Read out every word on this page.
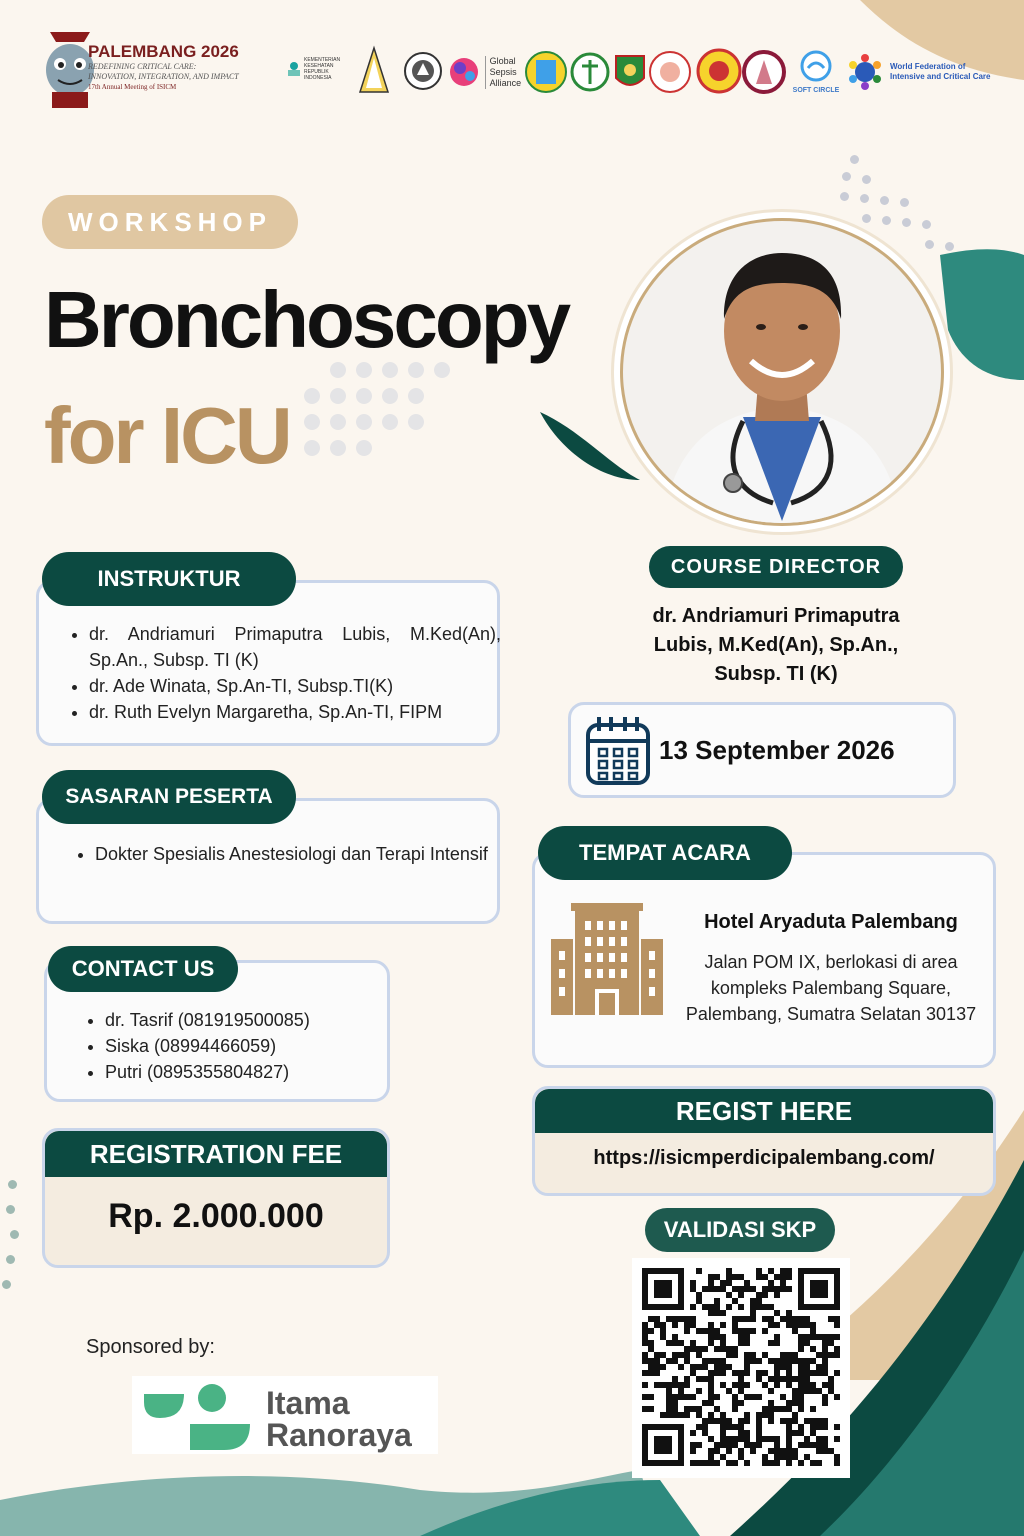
PALEMBANG 2026
REDEFINING CRITICAL CARE:
INNOVATION, INTEGRATION, AND IMPACT
17th Annual Meeting of ISICM
KEMENTERIAN KESEHATAN REPUBLIK INDONESIA
Global Sepsis Alliance
SOFT CIRCLE
World Federation of Intensive and Critical Care
WORKSHOP
Bronchoscopy
for ICU
• dr. Andriamuri Primaputra Lubis, M.Ked(An), Sp.An., Subsp. TI (K)
• dr. Ade Winata, Sp.An-TI, Subsp.TI(K)
• dr. Ruth Evelyn Margaretha, Sp.An-TI, FIPM
INSTRUKTUR
• Dokter Spesialis Anestesiologi dan Terapi Intensif
SASARAN PESERTA
• dr. Tasrif (081919500085)
• Siska (08994466059)
• Putri (0895355804827)
CONTACT US
REGISTRATION FEE
Rp. 2.000.000
Sponsored by:
Itama
Ranoraya
COURSE DIRECTOR
dr. Andriamuri Primaputra
Lubis, M.Ked(An), Sp.An.,
Subsp. TI (K)
13 September 2026
Hotel Aryaduta Palembang
Jalan POM IX, berlokasi di area kompleks Palembang Square, Palembang, Sumatra Selatan 30137
TEMPAT ACARA
REGIST HERE
https://isicmperdicipalembang.com/
VALIDASI SKP
